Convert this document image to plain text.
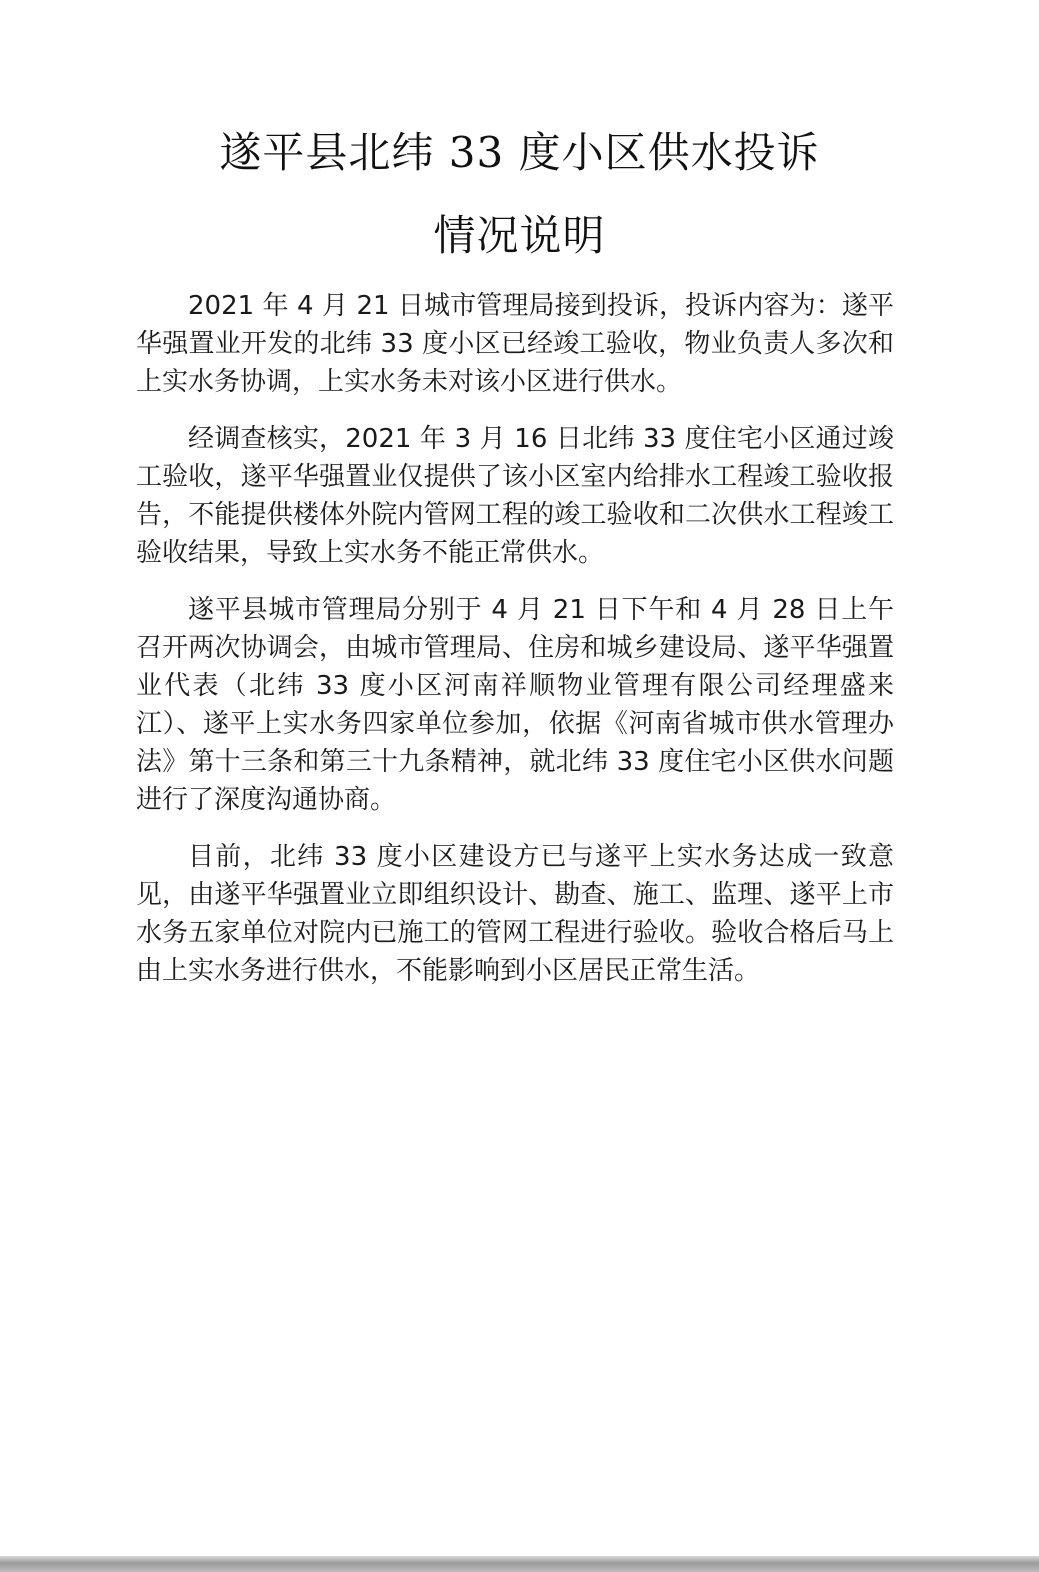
遂平县北纬 33 度小区供水投诉
情况说明

2021 年 4 月 21 日城市管理局接到投诉，投诉内容为：遂平华强置业开发的北纬 33 度小区已经竣工验收，物业负责人多次和上实水务协调，上实水务未对该小区进行供水。

经调查核实，2021 年 3 月 16 日北纬 33 度住宅小区通过竣工验收，遂平华强置业仅提供了该小区室内给排水工程竣工验收报告，不能提供楼体外院内管网工程的竣工验收和二次供水工程竣工验收结果，导致上实水务不能正常供水。

遂平县城市管理局分别于 4 月 21 日下午和 4 月 28 日上午召开两次协调会，由城市管理局、住房和城乡建设局、遂平华强置业代表（北纬 33 度小区河南祥顺物业管理有限公司经理盛来江）、遂平上实水务四家单位参加，依据《河南省城市供水管理办法》第十三条和第三十九条精神，就北纬 33 度住宅小区供水问题进行了深度沟通协商。

目前，北纬 33 度小区建设方已与遂平上实水务达成一致意见，由遂平华强置业立即组织设计、勘查、施工、监理、遂平上市水务五家单位对院内已施工的管网工程进行验收。验收合格后马上由上实水务进行供水，不能影响到小区居民正常生活。
